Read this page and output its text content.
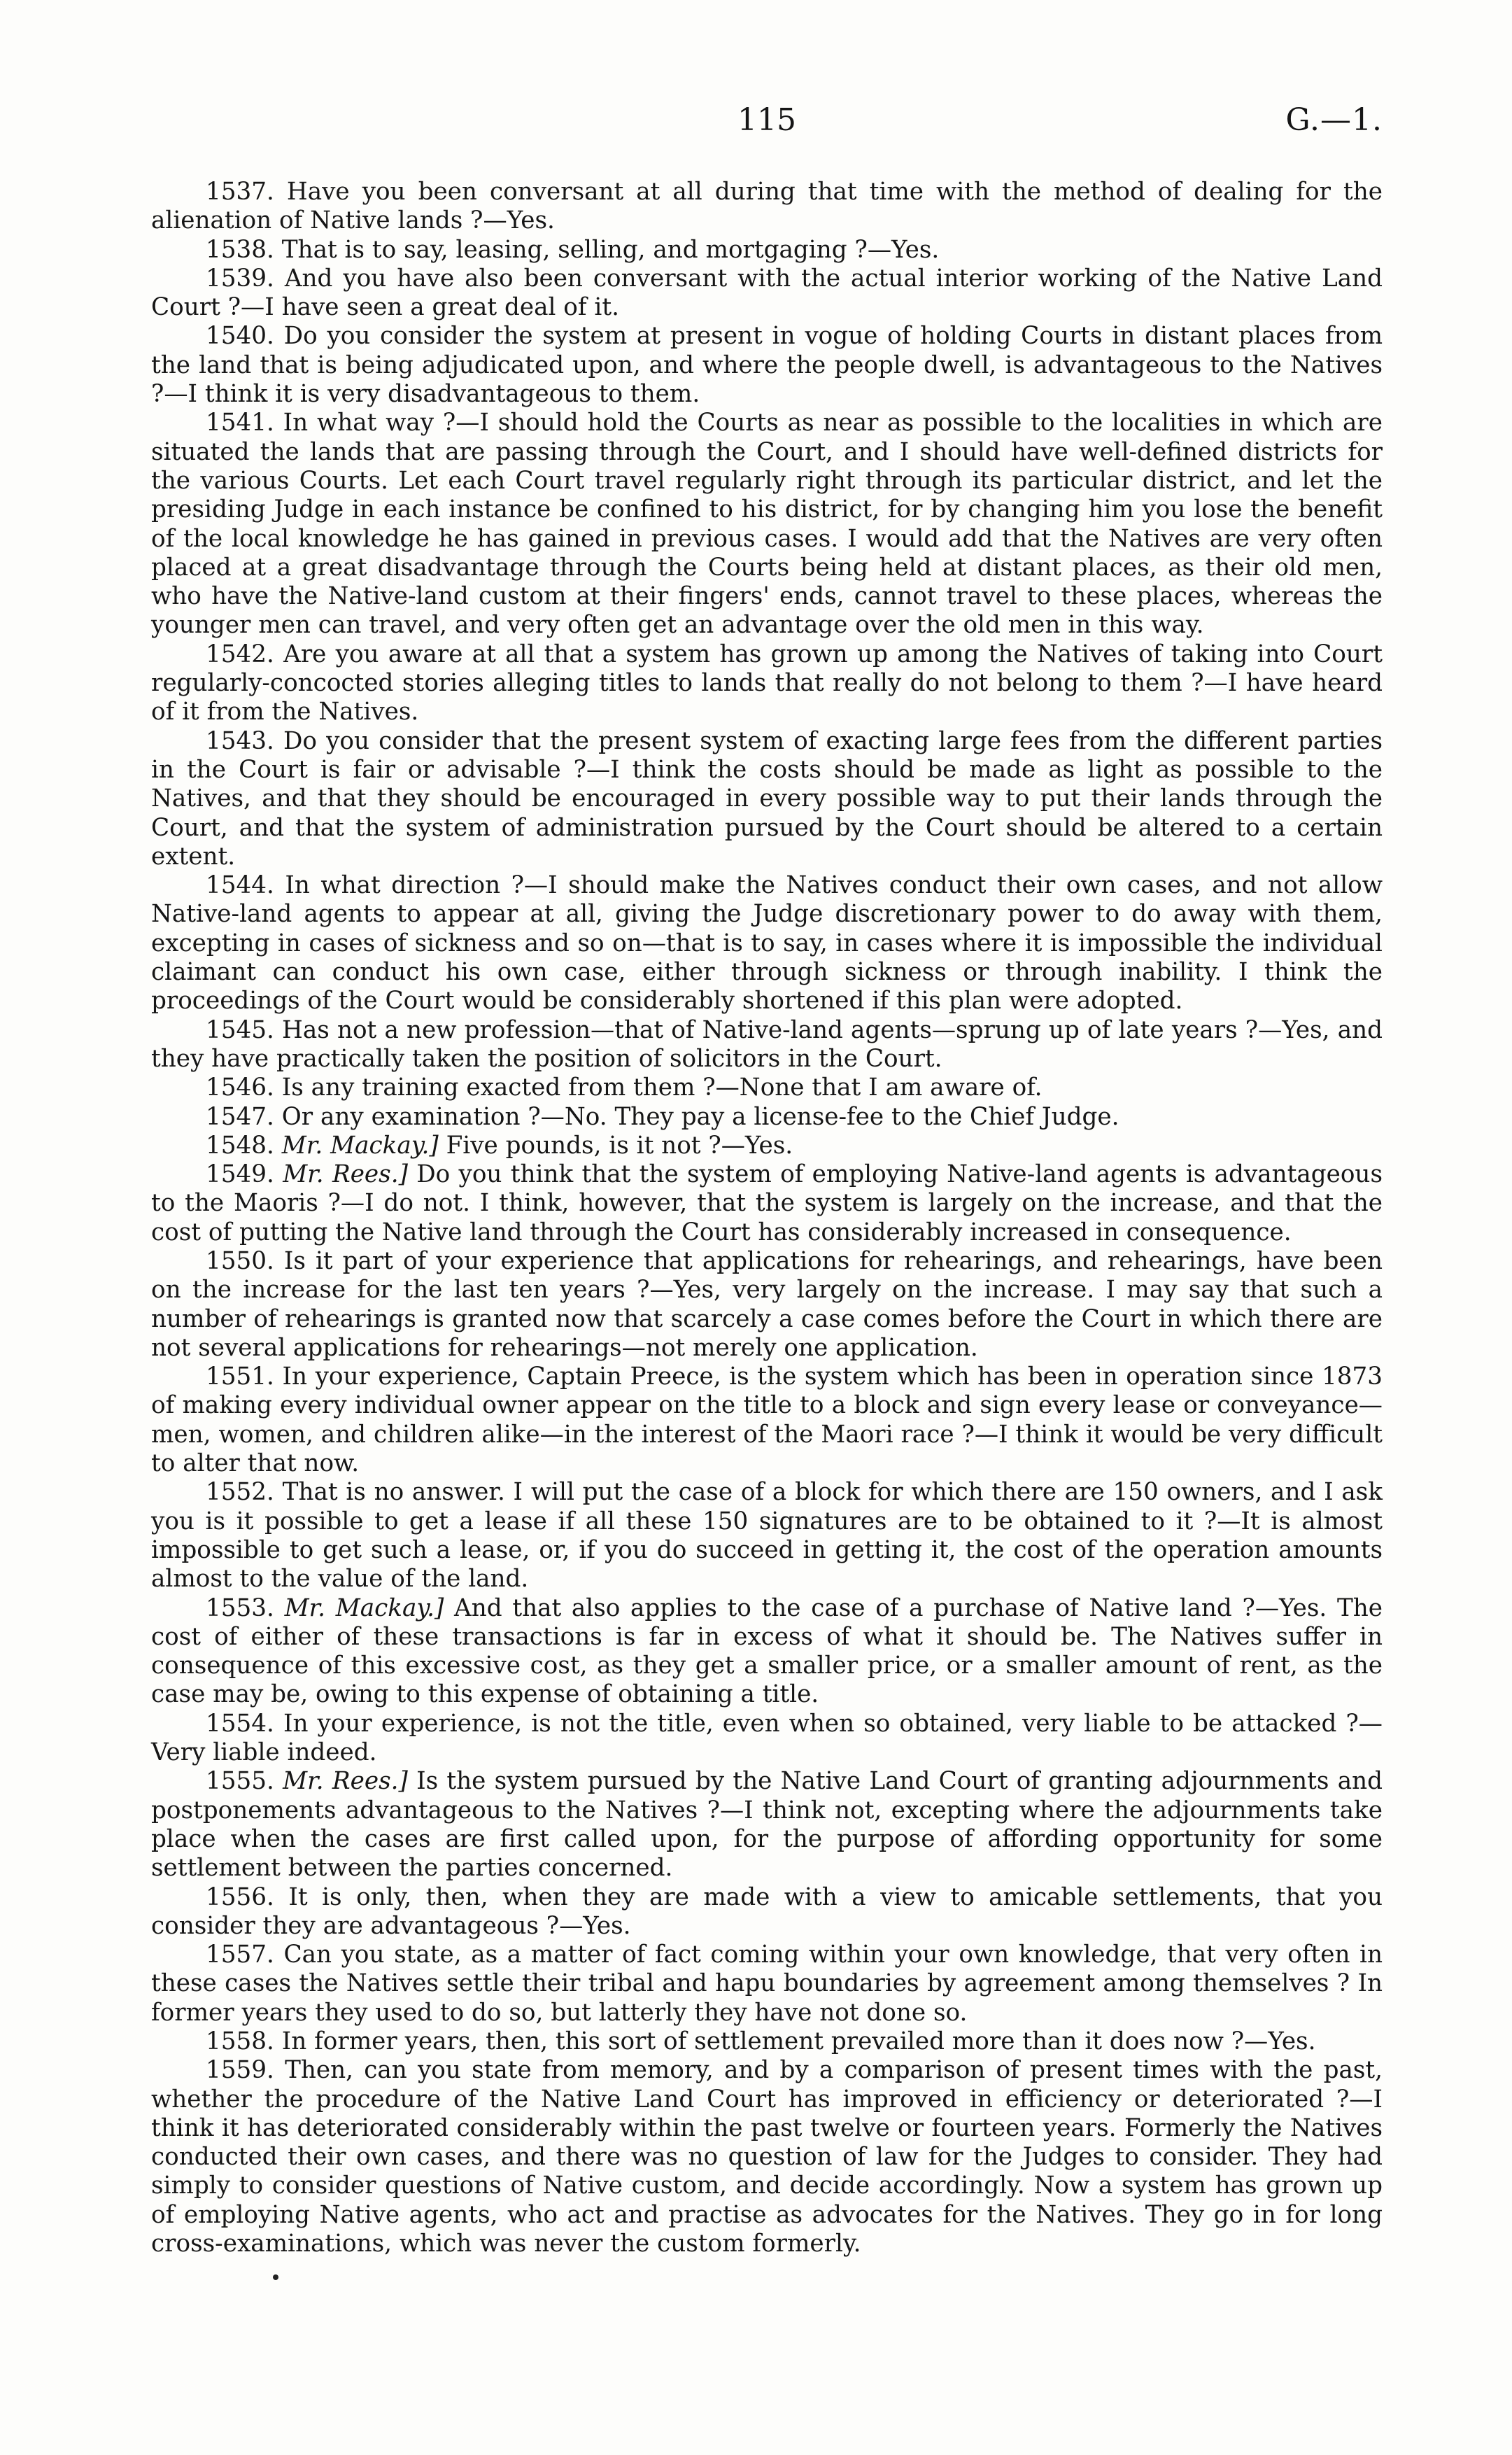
115	G.—1.

1537. Have you been conversant at all during that time with the method of dealing for the alienation of Native lands ?—Yes.

1538. That is to say, leasing, selling, and mortgaging ?—Yes.

1539. And you have also been conversant with the actual interior working of the Native Land Court ?—I have seen a great deal of it.

1540. Do you consider the system at present in vogue of holding Courts in distant places from the land that is being adjudicated upon, and where the people dwell, is advantageous to the Natives ?—I think it is very disadvantageous to them.

1541. In what way ?—I should hold the Courts as near as possible to the localities in which are situated the lands that are passing through the Court, and I should have well-defined districts for the various Courts. Let each Court travel regularly right through its particular district, and let the presiding Judge in each instance be confined to his district, for by changing him you lose the benefit of the local knowledge he has gained in previous cases. I would add that the Natives are very often placed at a great disadvantage through the Courts being held at distant places, as their old men, who have the Native-land custom at their fingers' ends, cannot travel to these places, whereas the younger men can travel, and very often get an advantage over the old men in this way.

1542. Are you aware at all that a system has grown up among the Natives of taking into Court regularly-concocted stories alleging titles to lands that really do not belong to them ?—I have heard of it from the Natives.

1543. Do you consider that the present system of exacting large fees from the different parties in the Court is fair or advisable ?—I think the costs should be made as light as possible to the Natives, and that they should be encouraged in every possible way to put their lands through the Court, and that the system of administration pursued by the Court should be altered to a certain extent.

1544. In what direction ?—I should make the Natives conduct their own cases, and not allow Native-land agents to appear at all, giving the Judge discretionary power to do away with them, excepting in cases of sickness and so on—that is to say, in cases where it is impossible the individual claimant can conduct his own case, either through sickness or through inability. I think the proceedings of the Court would be considerably shortened if this plan were adopted.

1545. Has not a new profession—that of Native-land agents—sprung up of late years ?—Yes, and they have practically taken the position of solicitors in the Court.

1546. Is any training exacted from them ?—None that I am aware of.

1547. Or any examination ?—No. They pay a license-fee to the Chief Judge.

1548. Mr. Mackay.] Five pounds, is it not ?—Yes.

1549. Mr. Rees.] Do you think that the system of employing Native-land agents is advantageous to the Maoris ?—I do not. I think, however, that the system is largely on the increase, and that the cost of putting the Native land through the Court has considerably increased in consequence.

1550. Is it part of your experience that applications for rehearings, and rehearings, have been on the increase for the last ten years ?—Yes, very largely on the increase. I may say that such a number of rehearings is granted now that scarcely a case comes before the Court in which there are not several applications for rehearings—not merely one application.

1551. In your experience, Captain Preece, is the system which has been in operation since 1873 of making every individual owner appear on the title to a block and sign every lease or conveyance—men, women, and children alike—in the interest of the Maori race ?—I think it would be very difficult to alter that now.

1552. That is no answer. I will put the case of a block for which there are 150 owners, and I ask you is it possible to get a lease if all these 150 signatures are to be obtained to it ?—It is almost impossible to get such a lease, or, if you do succeed in getting it, the cost of the operation amounts almost to the value of the land.

1553. Mr. Mackay.] And that also applies to the case of a purchase of Native land ?—Yes. The cost of either of these transactions is far in excess of what it should be. The Natives suffer in consequence of this excessive cost, as they get a smaller price, or a smaller amount of rent, as the case may be, owing to this expense of obtaining a title.

1554. In your experience, is not the title, even when so obtained, very liable to be attacked ?—Very liable indeed.

1555. Mr. Rees.] Is the system pursued by the Native Land Court of granting adjournments and postponements advantageous to the Natives ?—I think not, excepting where the adjournments take place when the cases are first called upon, for the purpose of affording opportunity for some settlement between the parties concerned.

1556. It is only, then, when they are made with a view to amicable settlements, that you consider they are advantageous ?—Yes.

1557. Can you state, as a matter of fact coming within your own knowledge, that very often in these cases the Natives settle their tribal and hapu boundaries by agreement among themselves ? In former years they used to do so, but latterly they have not done so.

1558. In former years, then, this sort of settlement prevailed more than it does now ?—Yes.

1559. Then, can you state from memory, and by a comparison of present times with the past, whether the procedure of the Native Land Court has improved in efficiency or deteriorated ?—I think it has deteriorated considerably within the past twelve or fourteen years. Formerly the Natives conducted their own cases, and there was no question of law for the Judges to consider. They had simply to consider questions of Native custom, and decide accordingly. Now a system has grown up of employing Native agents, who act and practise as advocates for the Natives. They go in for long cross-examinations, which was never the custom formerly.
